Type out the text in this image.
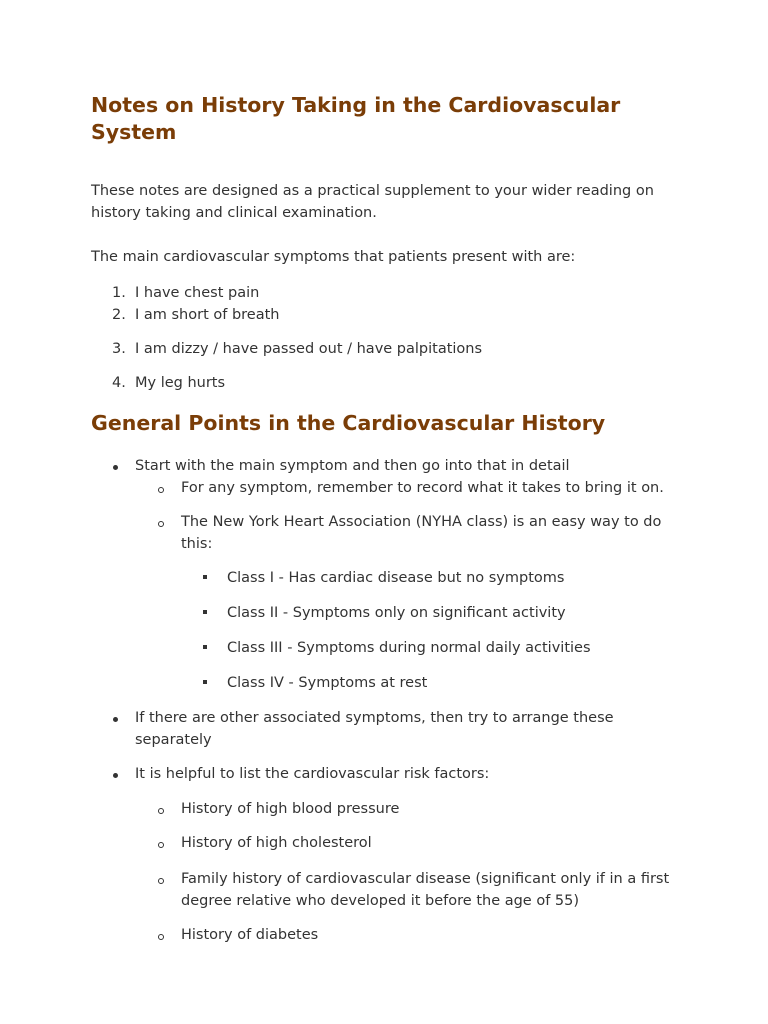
Notes on History Taking in the Cardiovascular System

These notes are designed as a practical supplement to your wider reading on history taking and clinical examination.

The main cardiovascular symptoms that patients present with are:

1. I have chest pain
2. I am short of breath
3. I am dizzy / have passed out / have palpitations
4. My leg hurts
General Points in the Cardiovascular History
Start with the main symptom and then go into that in detail
For any symptom, remember to record what it takes to bring it on.
The New York Heart Association (NYHA class) is an easy way to do this:
Class I - Has cardiac disease but no symptoms
Class II - Symptoms only on significant activity
Class III - Symptoms during normal daily activities
Class IV - Symptoms at rest
If there are other associated symptoms, then try to arrange these separately
It is helpful to list the cardiovascular risk factors:
History of high blood pressure
History of high cholesterol
Family history of cardiovascular disease (significant only if in a first degree relative who developed it before the age of 55)
History of diabetes
